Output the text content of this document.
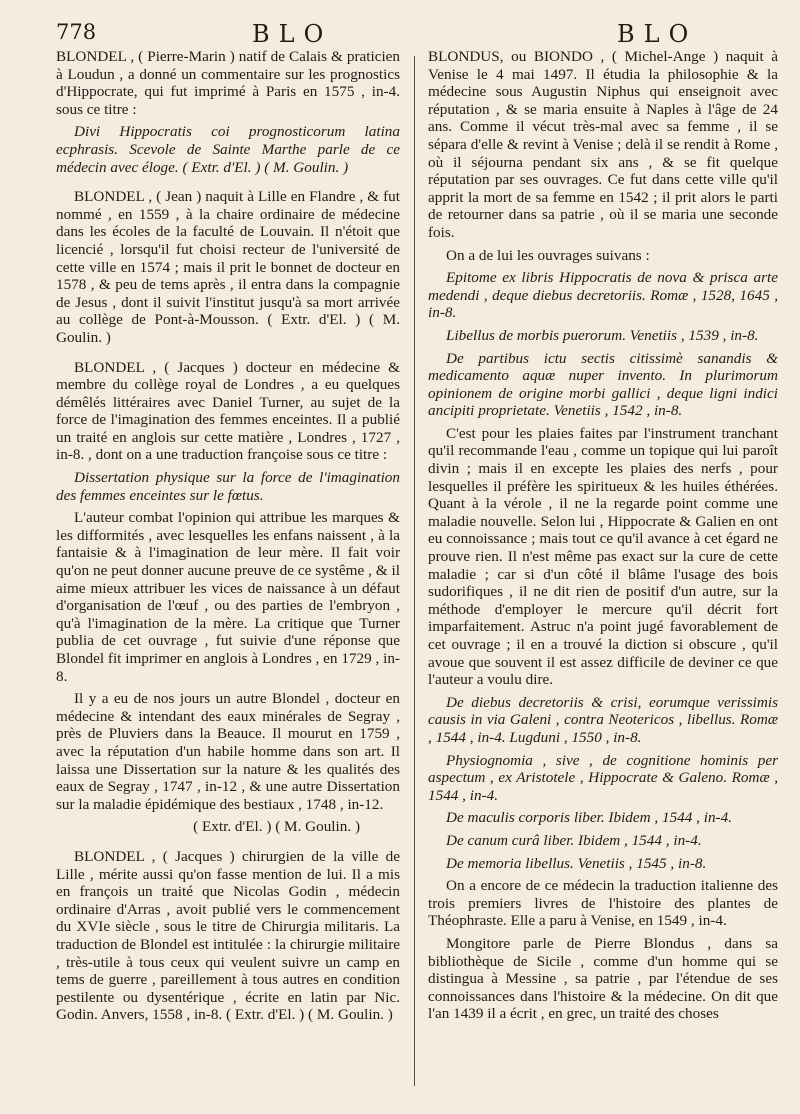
778	BLO	BLO

BLONDEL , ( Pierre-Marin ) natif de Calais & praticien à Loudun , a donné un commentaire sur les prognostics d'Hippocrate, qui fut imprimé à Paris en 1575 , in-4. sous ce titre :

Divi Hippocratis coi prognosticorum latina ecphrasis. Scevole de Sainte Marthe parle de ce médecin avec éloge. ( Extr. d'El. ) ( M. Goulin. )

BLONDEL , ( Jean ) naquit à Lille en Flandre , & fut nommé , en 1559 , à la chaire ordinaire de médecine dans les écoles de la faculté de Louvain. Il n'étoit que licencié , lorsqu'il fut choisi recteur de l'université de cette ville en 1574 ; mais il prit le bonnet de docteur en 1578 , & peu de tems après , il entra dans la compagnie de Jesus , dont il suivit l'institut jusqu'à sa mort arrivée au collège de Pont-à-Mousson. ( Extr. d'El. ) ( M. Goulin. )

BLONDEL , ( Jacques ) docteur en médecine & membre du collège royal de Londres , a eu quelques démêlés littéraires avec Daniel Turner, au sujet de la force de l'imagination des femmes enceintes. Il a publié un traité en anglois sur cette matière , Londres , 1727 , in-8. , dont on a une traduction françoise sous ce titre :

Dissertation physique sur la force de l'imagination des femmes enceintes sur le fœtus.

L'auteur combat l'opinion qui attribue les marques & les difformités , avec lesquelles les enfans naissent , à la fantaisie & à l'imagination de leur mère. Il fait voir qu'on ne peut donner aucune preuve de ce systême , & il aime mieux attribuer les vices de naissance à un défaut d'organisation de l'œuf , ou des parties de l'embryon , qu'à l'imagination de la mère. La critique que Turner publia de cet ouvrage , fut suivie d'une réponse que Blondel fit imprimer en anglois à Londres , en 1729 , in-8.

Il y a eu de nos jours un autre Blondel , docteur en médecine & intendant des eaux minérales de Segray , près de Pluviers dans la Beauce. Il mourut en 1759 , avec la réputation d'un habile homme dans son art. Il laissa une Dissertation sur la nature & les qualités des eaux de Segray , 1747 , in-12 , & une autre Dissertation sur la maladie épidémique des bestiaux , 1748 , in-12.

( Extr. d'El. ) ( M. Goulin. )

BLONDEL , ( Jacques ) chirurgien de la ville de Lille , mérite aussi qu'on fasse mention de lui. Il a mis en françois un traité que Nicolas Godin , médecin ordinaire d'Arras , avoit publié vers le commencement du XVIe siècle , sous le titre de Chirurgia militaris. La traduction de Blondel est intitulée : la chirurgie militaire , très-utile à tous ceux qui veulent suivre un camp en tems de guerre , pareillement à tous autres en condition pestilente ou dysentérique , écrite en latin par Nic. Godin. Anvers, 1558 , in-8. ( Extr. d'El. ) ( M. Goulin. )

BLONDUS, ou BIONDO , ( Michel-Ange ) naquit à Venise le 4 mai 1497. Il étudia la philosophie & la médecine sous Augustin Niphus qui enseignoit avec réputation , & se maria ensuite à Naples à l'âge de 24 ans. Comme il vécut très-mal avec sa femme , il se sépara d'elle & revint à Venise ; delà il se rendit à Rome , où il séjourna pendant six ans , & se fit quelque réputation par ses ouvrages. Ce fut dans cette ville qu'il apprit la mort de sa femme en 1542 ; il prit alors le parti de retourner dans sa patrie , où il se maria une seconde fois.

On a de lui les ouvrages suivans :

Epitome ex libris Hippocratis de nova & prisca arte medendi , deque diebus decretoriis. Romæ , 1528, 1645 , in-8.

Libellus de morbis puerorum. Venetiis , 1539 , in-8.

De partibus ictu sectis citissimè sanandis & medicamento aquæ nuper invento. In plurimorum opinionem de origine morbi gallici , deque ligni indici ancipiti proprietate. Venetiis , 1542 , in-8.

C'est pour les plaies faites par l'instrument tranchant qu'il recommande l'eau , comme un topique qui lui paroît divin ; mais il en excepte les plaies des nerfs , pour lesquelles il préfère les spiritueux & les huiles éthérées. Quant à la vérole , il ne la regarde point comme une maladie nouvelle. Selon lui , Hippocrate & Galien en ont eu connoissance ; mais tout ce qu'il avance à cet égard ne prouve rien. Il n'est même pas exact sur la cure de cette maladie ; car si d'un côté il blâme l'usage des bois sudorifiques , il ne dit rien de positif d'un autre, sur la méthode d'employer le mercure qu'il décrit fort imparfaitement. Astruc n'a point jugé favorablement de cet ouvrage ; il en a trouvé la diction si obscure , qu'il avoue que souvent il est assez difficile de deviner ce que l'auteur a voulu dire.

De diebus decretoriis & crisi, eorumque verissimis causis in via Galeni , contra Neotericos , libellus. Romæ , 1544 , in-4. Lugduni , 1550 , in-8.

Physiognomia , sive , de cognitione hominis per aspectum , ex Aristotele , Hippocrate & Galeno. Romæ , 1544 , in-4.

De maculis corporis liber. Ibidem , 1544 , in-4.

De canum curâ liber. Ibidem , 1544 , in-4.

De memoria libellus. Venetiis , 1545 , in-8.

On a encore de ce médecin la traduction italienne des trois premiers livres de l'histoire des plantes de Théophraste. Elle a paru à Venise, en 1549 , in-4.

Mongitore parle de Pierre Blondus , dans sa bibliothèque de Sicile , comme d'un homme qui se distingua à Messine , sa patrie , par l'étendue de ses connoissances dans l'histoire & la médecine. On dit que l'an 1439 il a écrit , en grec, un traité des choses
